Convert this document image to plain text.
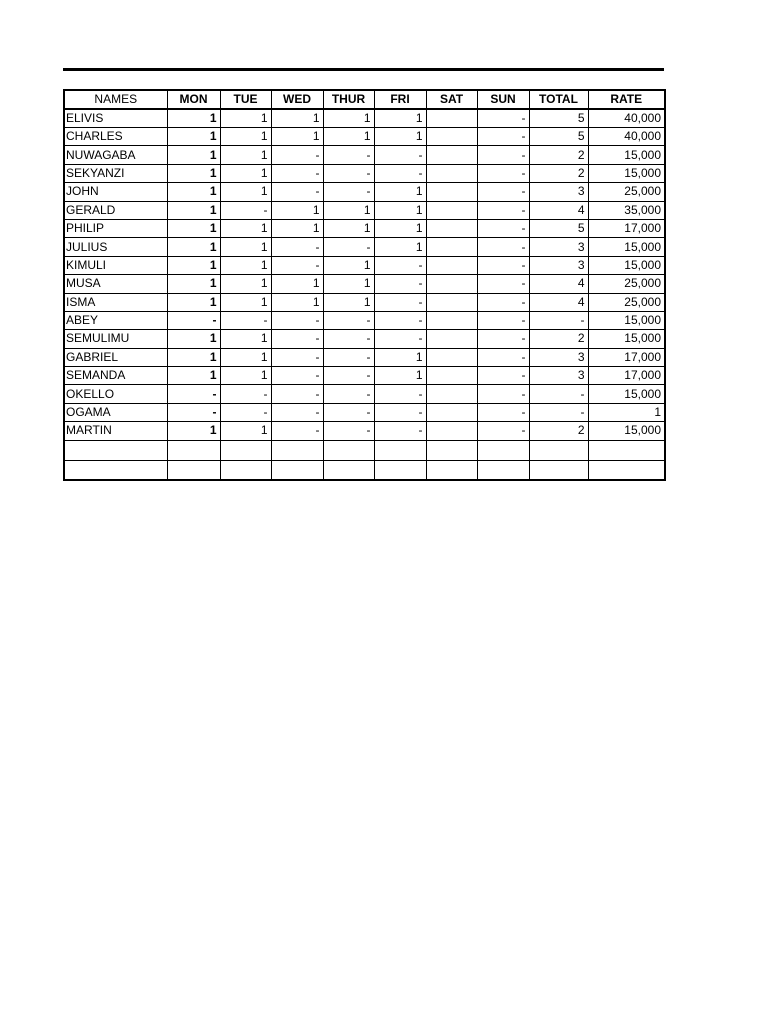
NAMES	MON	TUE	WED	THUR	FRI	SAT	SUN	TOTAL	RATE
ELIVIS	1	1	1	1	1		-	5	40,000
CHARLES	1	1	1	1	1		-	5	40,000
NUWAGABA	1	1	-	-	-		-	2	15,000
SEKYANZI	1	1	-	-	-		-	2	15,000
JOHN	1	1	-	-	1		-	3	25,000
GERALD	1	-	1	1	1		-	4	35,000
PHILIP	1	1	1	1	1		-	5	17,000
JULIUS	1	1	-	-	1		-	3	15,000
KIMULI	1	1	-	1	-		-	3	15,000
MUSA	1	1	1	1	-		-	4	25,000
ISMA	1	1	1	1	-		-	4	25,000
ABEY	-	-	-	-	-		-	-	15,000
SEMULIMU	1	1	-	-	-		-	2	15,000
GABRIEL	1	1	-	-	1		-	3	17,000
SEMANDA	1	1	-	-	1		-	3	17,000
OKELLO	-	-	-	-	-		-	-	15,000
OGAMA	-	-	-	-	-		-	-	1
MARTIN	1	1	-	-	-		-	2	15,000
